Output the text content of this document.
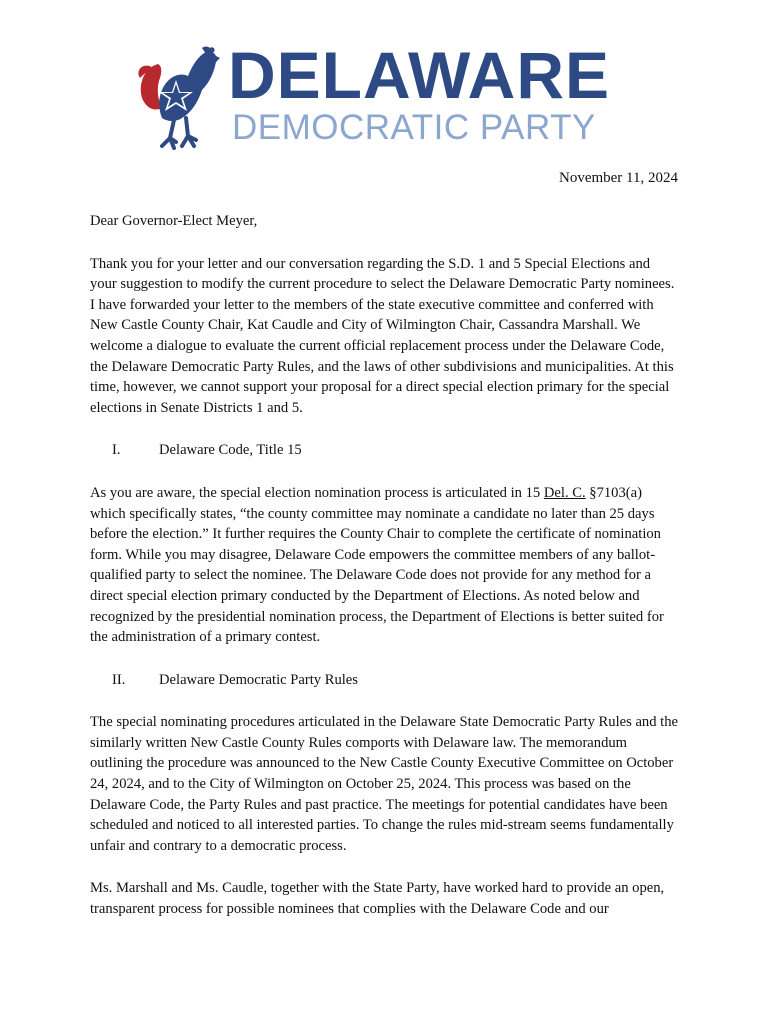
DELAWARE
DEMOCRATIC PARTY
November 11, 2024

Dear Governor-Elect Meyer,

Thank you for your letter and our conversation regarding the S.D. 1 and 5 Special Elections and your suggestion to modify the current procedure to select the Delaware Democratic Party nominees. I have forwarded your letter to the members of the state executive committee and conferred with New Castle County Chair, Kat Caudle and City of Wilmington Chair, Cassandra Marshall. We welcome a dialogue to evaluate the current official replacement process under the Delaware Code, the Delaware Democratic Party Rules, and the laws of other subdivisions and municipalities. At this time, however, we cannot support your proposal for a direct special election primary for the special elections in Senate Districts 1 and 5.

I.	Delaware Code, Title 15

As you are aware, the special election nomination process is articulated in 15 Del. C. §7103(a) which specifically states, “the county committee may nominate a candidate no later than 25 days before the election.” It further requires the County Chair to complete the certificate of nomination form. While you may disagree, Delaware Code empowers the committee members of any ballot-qualified party to select the nominee. The Delaware Code does not provide for any method for a direct special election primary conducted by the Department of Elections. As noted below and recognized by the presidential nomination process, the Department of Elections is better suited for the administration of a primary contest.

II. Delaware Democratic Party Rules

The special nominating procedures articulated in the Delaware State Democratic Party Rules and the similarly written New Castle County Rules comports with Delaware law. The memorandum outlining the procedure was announced to the New Castle County Executive Committee on October 24, 2024, and to the City of Wilmington on October 25, 2024. This process was based on the Delaware Code, the Party Rules and past practice. The meetings for potential candidates have been scheduled and noticed to all interested parties. To change the rules mid-stream seems fundamentally unfair and contrary to a democratic process.

Ms. Marshall and Ms. Caudle, together with the State Party, have worked hard to provide an open, transparent process for possible nominees that complies with the Delaware Code and our
